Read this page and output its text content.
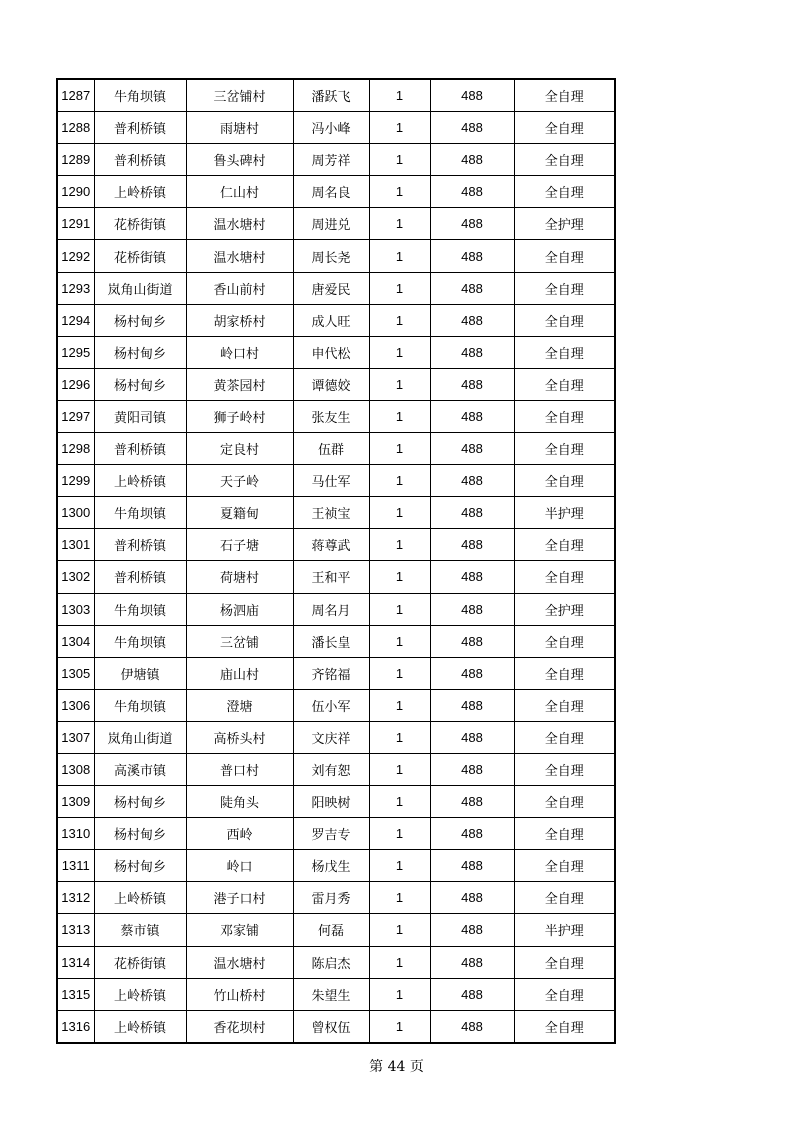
1287	牛角坝镇	三岔铺村	潘跃飞	1	488	全自理
1288	普利桥镇	雨塘村	冯小峰	1	488	全自理
1289	普利桥镇	鲁头碑村	周芳祥	1	488	全自理
1290	上岭桥镇	仁山村	周名良	1	488	全自理
1291	花桥街镇	温水塘村	周进兑	1	488	全护理
1292	花桥街镇	温水塘村	周长尧	1	488	全自理
1293	岚角山街道	香山前村	唐爱民	1	488	全自理
1294	杨村甸乡	胡家桥村	成人旺	1	488	全自理
1295	杨村甸乡	岭口村	申代松	1	488	全自理
1296	杨村甸乡	黄茶园村	谭德姣	1	488	全自理
1297	黄阳司镇	狮子岭村	张友生	1	488	全自理
1298	普利桥镇	定良村	伍群	1	488	全自理
1299	上岭桥镇	天子岭	马仕军	1	488	全自理
1300	牛角坝镇	夏籍甸	王祯宝	1	488	半护理
1301	普利桥镇	石子塘	蒋尊武	1	488	全自理
1302	普利桥镇	荷塘村	王和平	1	488	全自理
1303	牛角坝镇	杨泗庙	周名月	1	488	全护理
1304	牛角坝镇	三岔铺	潘长皇	1	488	全自理
1305	伊塘镇	庙山村	齐铭福	1	488	全自理
1306	牛角坝镇	澄塘	伍小军	1	488	全自理
1307	岚角山街道	高桥头村	文庆祥	1	488	全自理
1308	高溪市镇	普口村	刘有恕	1	488	全自理
1309	杨村甸乡	陡角头	阳映树	1	488	全自理
1310	杨村甸乡	西岭	罗吉专	1	488	全自理
1311	杨村甸乡	岭口	杨戊生	1	488	全自理
1312	上岭桥镇	港子口村	雷月秀	1	488	全自理
1313	蔡市镇	邓家铺	何磊	1	488	半护理
1314	花桥街镇	温水塘村	陈启杰	1	488	全自理
1315	上岭桥镇	竹山桥村	朱望生	1	488	全自理
1316	上岭桥镇	香花坝村	曾权伍	1	488	全自理
第 44 页
